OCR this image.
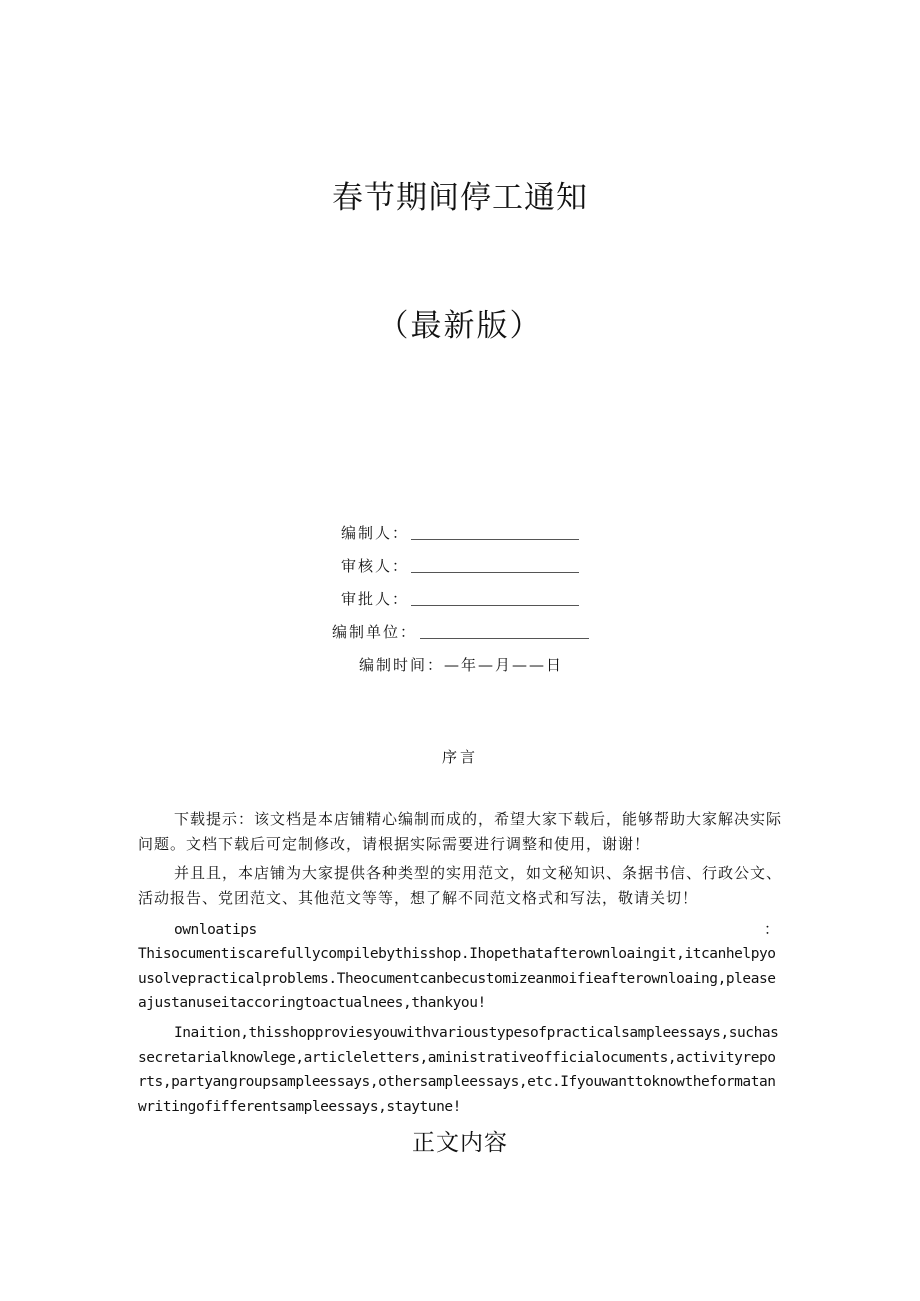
春节期间停工通知
（最新版）
编制人：
审核人：
审批人：
编制单位：
编制时间：—年—月——日
序言

下载提示：该文档是本店铺精心编制而成的，希望大家下载后，能够帮助大家解决实际问题。文档下载后可定制修改，请根据实际需要进行调整和使用，谢谢！

并且且，本店铺为大家提供各种类型的实用范文，如文秘知识、条据书信、行政公文、活动报告、党团范文、其他范文等等，想了解不同范文格式和写法，敬请关切！

ownloatips	：

Thisocumentiscarefullycompilebythisshop.Ihopethatafterownloaingit,itcanhelpyousolvepracticalproblems.Theocumentcanbecustomizeanmoifieafterownloaing,pleaseajustanuseitaccoringtoactualnees,thankyou!

Inaition,thisshopproviesyouwithvarioustypesofpracticalsampleessays,suchassecretarialknowlege,articleletters,aministrativeofficialocuments,activityreports,partyangroupsampleessays,othersampleessays,etc.Ifyouwanttoknowtheformatanwritingofifferentsampleessays,staytune!

正文内容
